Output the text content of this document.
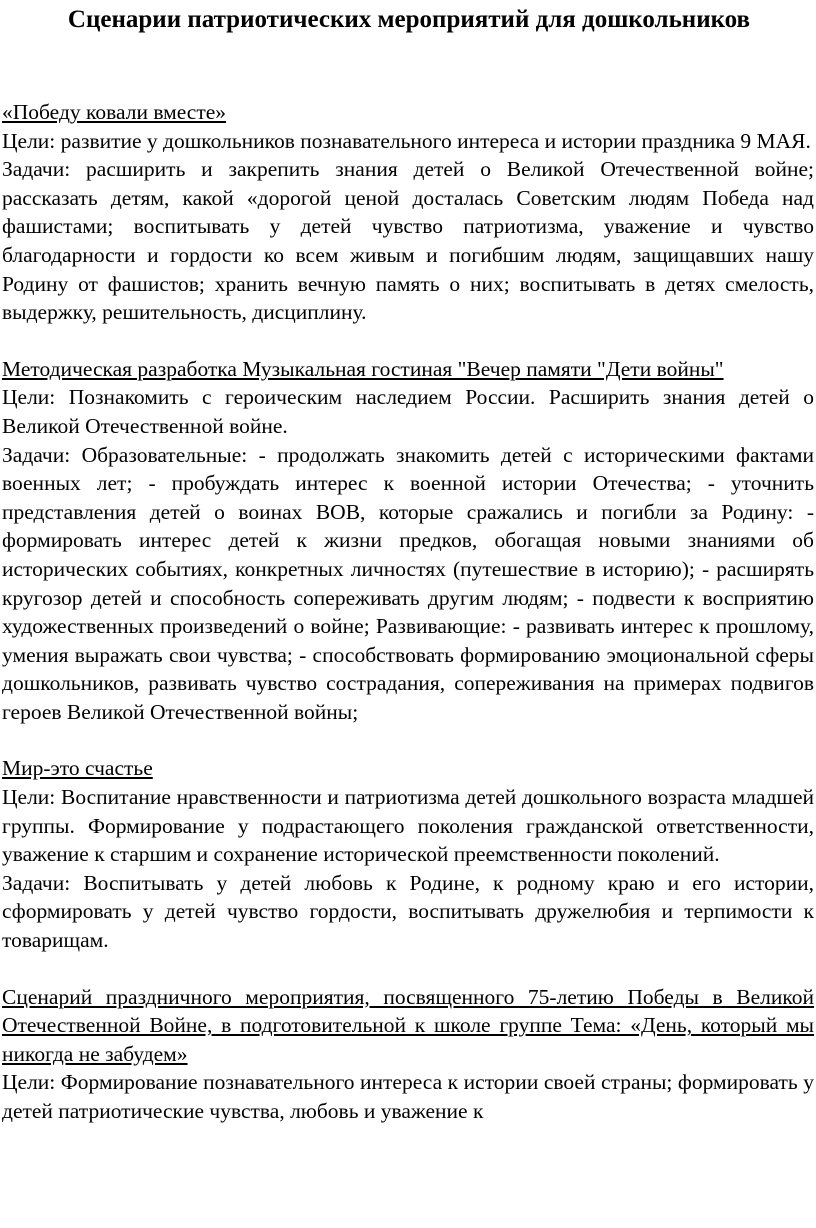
Сценарии патриотических мероприятий для дошкольников

«Победу ковали вместе»

Цели: развитие у дошкольников познавательного интереса и истории праздника 9 МАЯ.

Задачи: расширить и закрепить знания детей о Великой Отечественной войне; рассказать детям, какой «дорогой ценой досталась Советским людям Победа над фашистами; воспитывать у детей чувство патриотизма, уважение и чувство благодарности и гордости ко всем живым и погибшим людям, защищавших нашу Родину от фашистов; хранить вечную память о них; воспитывать в детях смелость, выдержку, решительность, дисциплину.

Методическая разработка Музыкальная гостиная "Вечер памяти "Дети войны"

Цели: Познакомить с героическим наследием России. Расширить знания детей о Великой Отечественной войне.

Задачи: Образовательные: - продолжать знакомить детей с историческими фактами военных лет; - пробуждать интерес к военной истории Отечества; - уточнить представления детей о воинах ВОВ, которые сражались и погибли за Родину: - формировать интерес детей к жизни предков, обогащая новыми знаниями об исторических событиях, конкретных личностях (путешествие в историю); - расширять кругозор детей и способность сопереживать другим людям; - подвести к восприятию художественных произведений о войне; Развивающие: - развивать интерес к прошлому, умения выражать свои чувства; - способствовать формированию эмоциональной сферы дошкольников, развивать чувство сострадания, сопереживания на примерах подвигов героев Великой Отечественной войны;

Мир-это счастье

Цели: Воспитание нравственности и патриотизма детей дошкольного возраста младшей группы. Формирование у подрастающего поколения гражданской ответственности, уважение к старшим и сохранение исторической преемственности поколений.

Задачи: Воспитывать у детей любовь к Родине, к родному краю и его истории, сформировать у детей чувство гордости, воспитывать дружелюбия и терпимости к товарищам.

Сценарий праздничного мероприятия, посвященного 75-летию Победы в Великой Отечественной Войне, в подготовительной к школе группе Тема: «День, который мы никогда не забудем»

Цели: Формирование познавательного интереса к истории своей страны; формировать у детей патриотические чувства, любовь и уважение к
